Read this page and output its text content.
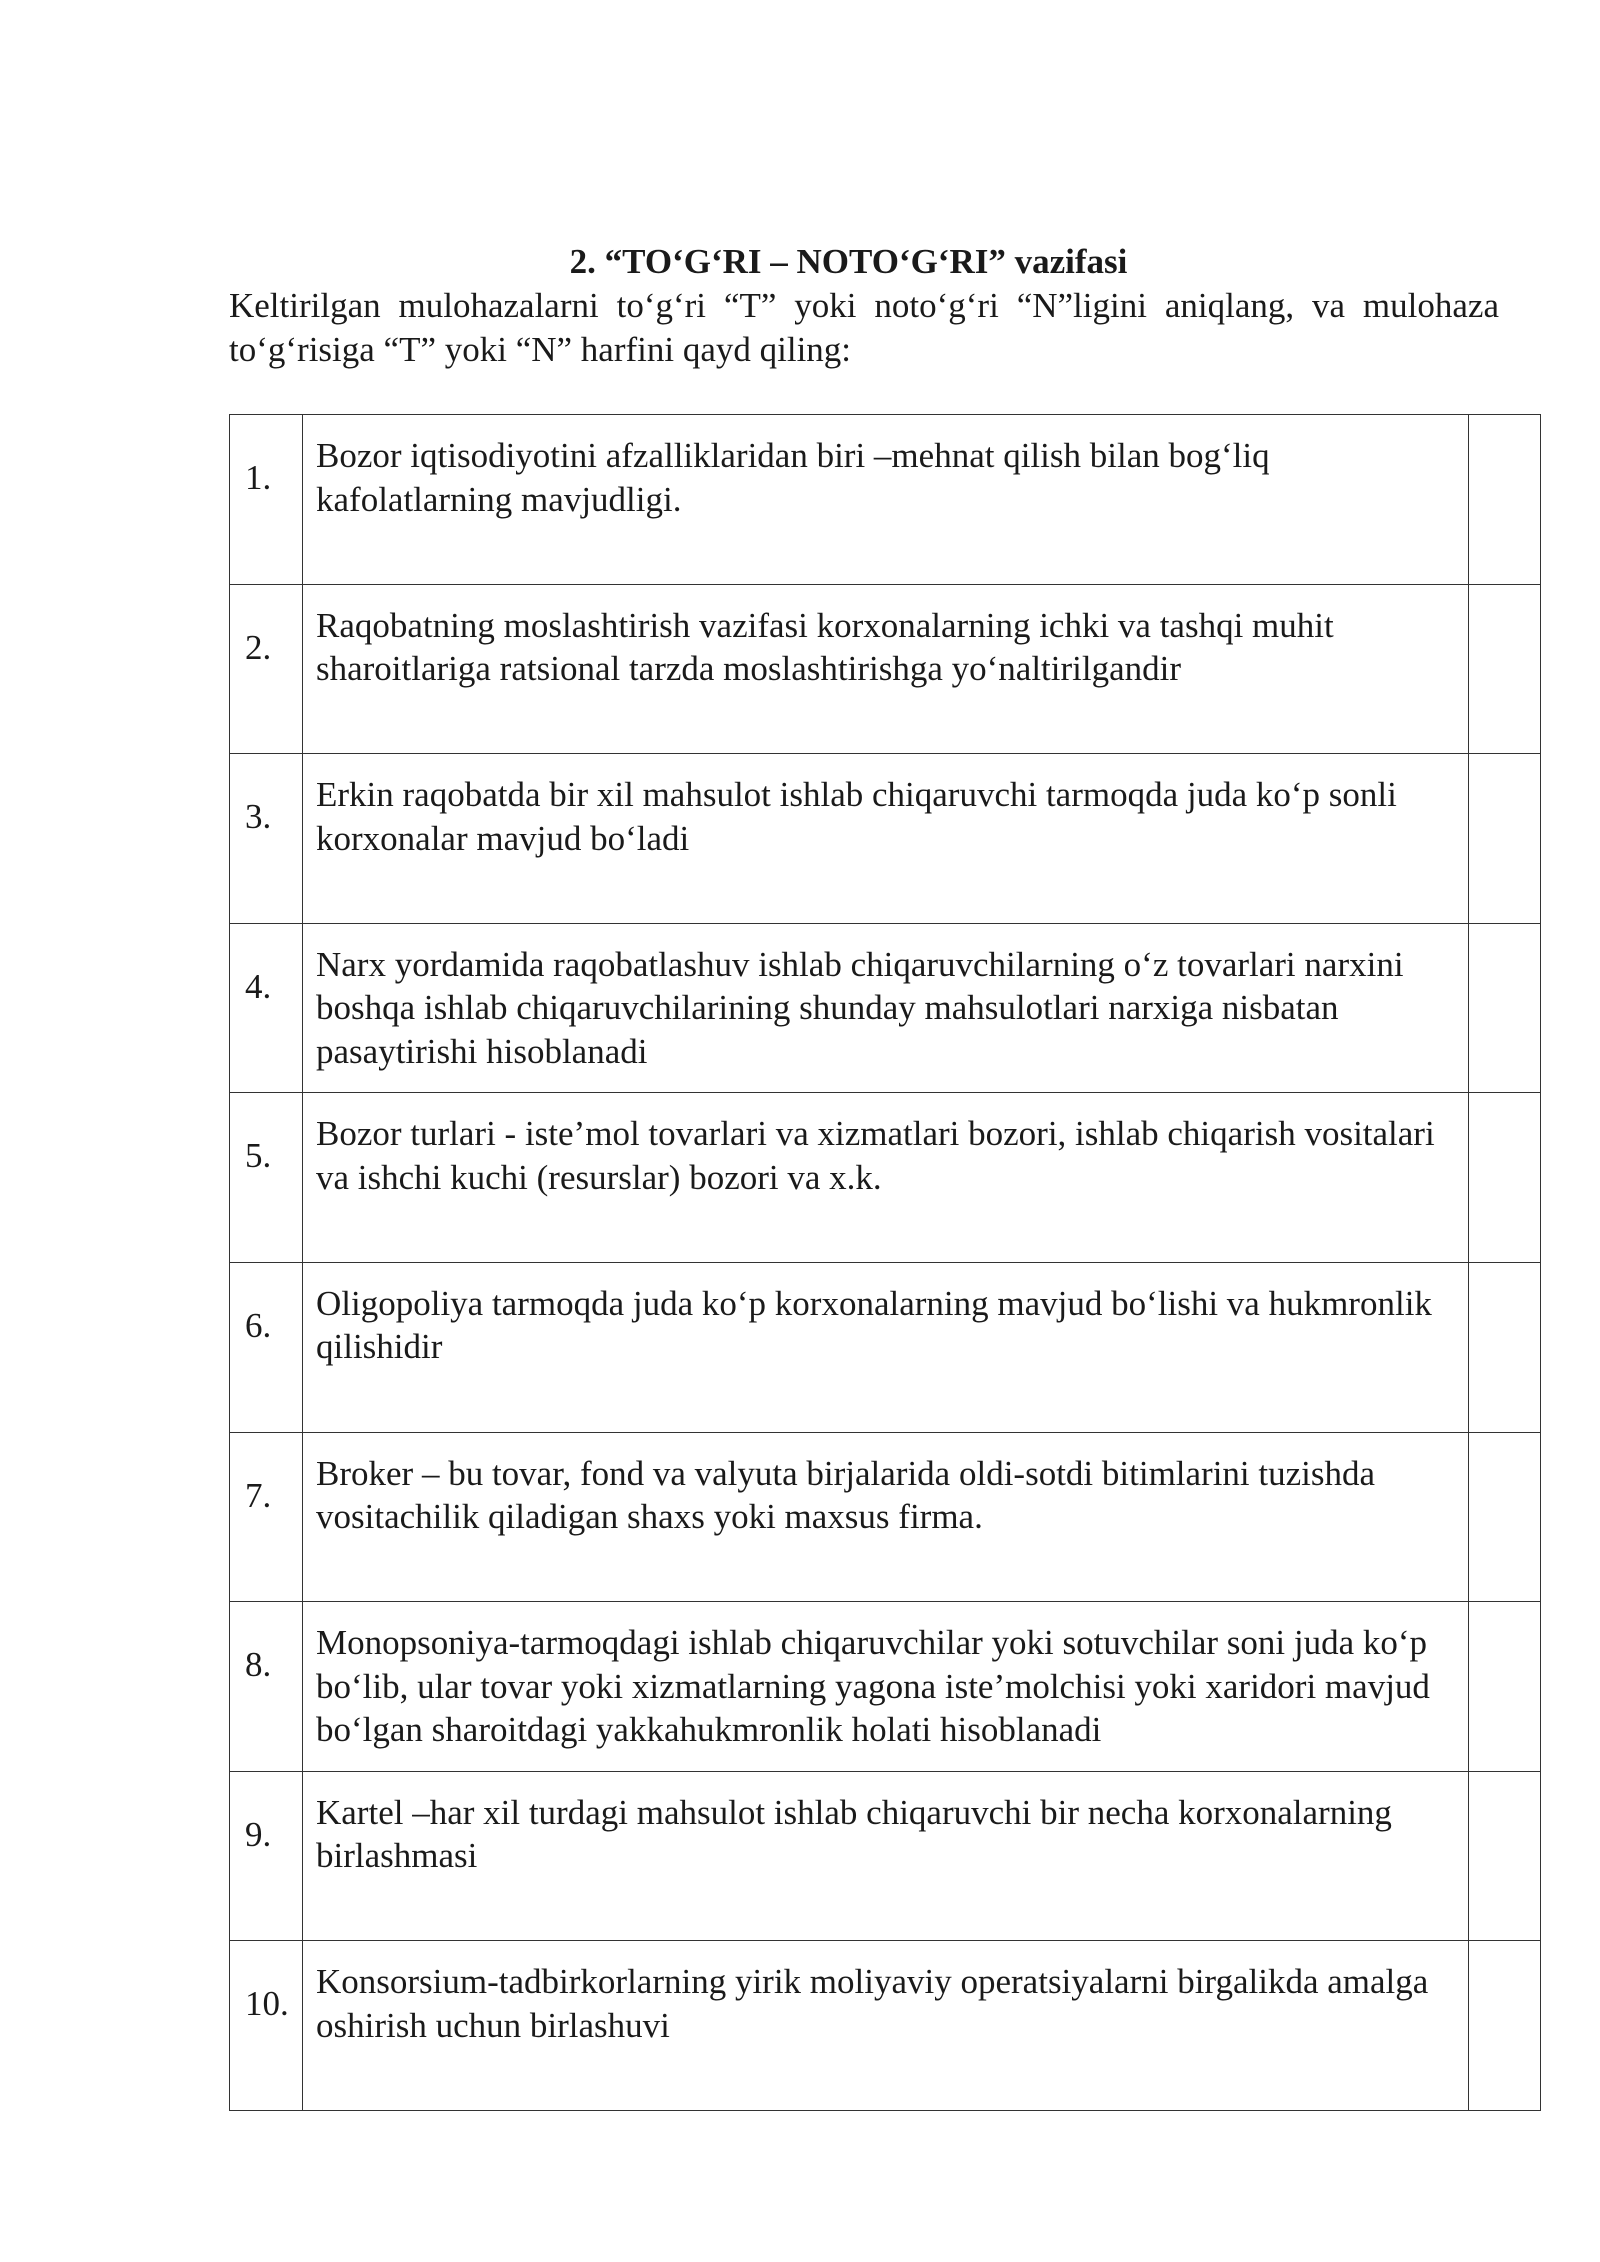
2. “TO‘G‘RI – NOTO‘G‘RI” vazifasi

Keltirilgan mulohazalarni to‘g‘ri “T” yoki noto‘g‘ri “N”ligini aniqlang, va mulohaza to‘g‘risiga “T” yoki “N” harfini qayd qiling:

1.	Bozor iqtisodiyotini afzalliklaridan biri –mehnat qilish bilan bog‘liq kafolatlarning mavjudligi.	

2.	Raqobatning moslashtirish vazifasi korxonalarning ichki va tashqi muhit sharoitlariga ratsional tarzda moslashtirishga yo‘naltirilgandir	

3.	Erkin raqobatda bir xil mahsulot ishlab chiqaruvchi tarmoqda juda ko‘p sonli korxonalar mavjud bo‘ladi	

4.	Narx yordamida raqobatlashuv ishlab chiqaruvchilarning o‘z tovarlari narxini boshqa ishlab chiqaruvchilarining shunday mahsulotlari narxiga nisbatan pasaytirishi hisoblanadi	

5.	Bozor turlari - iste’mol tovarlari va xizmatlari bozori, ishlab chiqarish vositalari va ishchi kuchi (resurslar) bozori va x.k.	

6.	Oligopoliya tarmoqda juda ko‘p korxonalarning mavjud bo‘lishi va hukmronlik qilishidir	

7.	Broker – bu tovar, fond va valyuta birjalarida oldi-sotdi bitimlarini tuzishda vositachilik qiladigan shaxs yoki maxsus firma.	

8.	Monopsoniya-tarmoqdagi ishlab chiqaruvchilar yoki sotuvchilar soni juda ko‘p bo‘lib, ular tovar yoki xizmatlarning yagona iste’molchisi yoki xaridori mavjud bo‘lgan sharoitdagi yakkahukmronlik holati hisoblanadi	

9.	Kartel –har xil turdagi mahsulot ishlab chiqaruvchi bir necha korxonalarning birlashmasi	

10.	Konsorsium-tadbirkorlarning yirik moliyaviy operatsiyalarni birgalikda amalga oshirish uchun birlashuvi	
